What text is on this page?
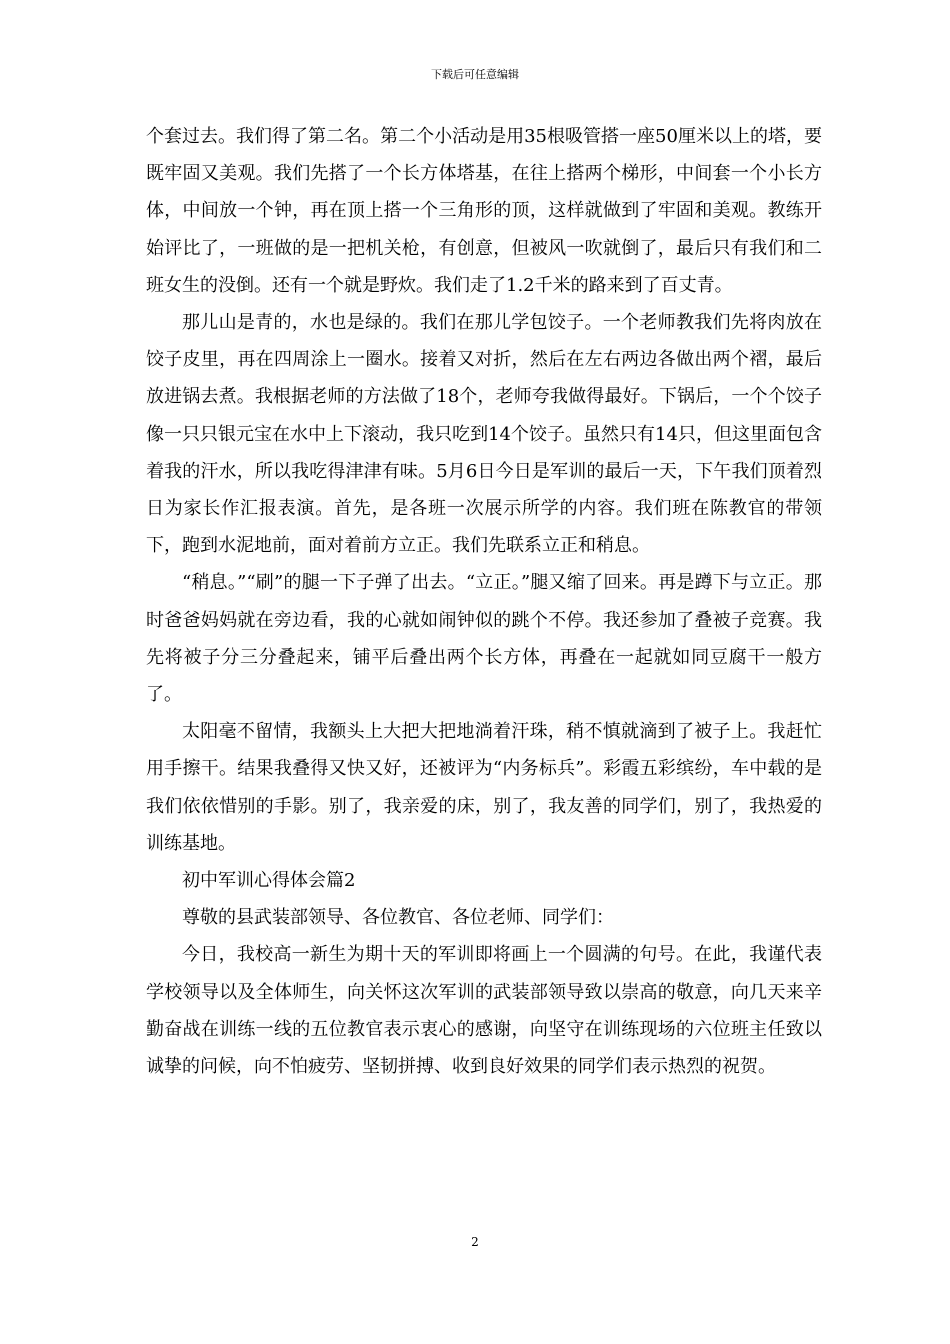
下载后可任意编辑

个套过去。我们得了第二名。第二个小活动是用35根吸管搭一座50厘米以上的塔，要既牢固又美观。我们先搭了一个长方体塔基，在往上搭两个梯形，中间套一个小长方体，中间放一个钟，再在顶上搭一个三角形的顶，这样就做到了牢固和美观。教练开始评比了，一班做的是一把机关枪，有创意，但被风一吹就倒了，最后只有我们和二班女生的没倒。还有一个就是野炊。我们走了1.2千米的路来到了百丈青。

那儿山是青的，水也是绿的。我们在那儿学包饺子。一个老师教我们先将肉放在饺子皮里，再在四周涂上一圈水。接着又对折，然后在左右两边各做出两个褶，最后放进锅去煮。我根据老师的方法做了18个，老师夸我做得最好。下锅后，一个个饺子像一只只银元宝在水中上下滚动，我只吃到14个饺子。虽然只有14只，但这里面包含着我的汗水，所以我吃得津津有味。5月6日今日是军训的最后一天，下午我们顶着烈日为家长作汇报表演。首先，是各班一次展示所学的内容。我们班在陈教官的带领下，跑到水泥地前，面对着前方立正。我们先联系立正和稍息。

“稍息。”“刷”的腿一下子弹了出去。“立正。”腿又缩了回来。再是蹲下与立正。那时爸爸妈妈就在旁边看，我的心就如闹钟似的跳个不停。我还参加了叠被子竞赛。我先将被子分三分叠起来，铺平后叠出两个长方体，再叠在一起就如同豆腐干一般方了。

太阳毫不留情，我额头上大把大把地淌着汗珠，稍不慎就滴到了被子上。我赶忙用手擦干。结果我叠得又快又好，还被评为“内务标兵”。彩霞五彩缤纷，车中载的是我们依依惜别的手影。别了，我亲爱的床，别了，我友善的同学们，别了，我热爱的训练基地。

初中军训心得体会篇2

尊敬的县武装部领导、各位教官、各位老师、同学们：

今日，我校高一新生为期十天的军训即将画上一个圆满的句号。在此，我谨代表学校领导以及全体师生，向关怀这次军训的武装部领导致以崇高的敬意，向几天来辛勤奋战在训练一线的五位教官表示衷心的感谢，向坚守在训练现场的六位班主任致以诚挚的问候，向不怕疲劳、坚韧拼搏、收到良好效果的同学们表示热烈的祝贺。

2
